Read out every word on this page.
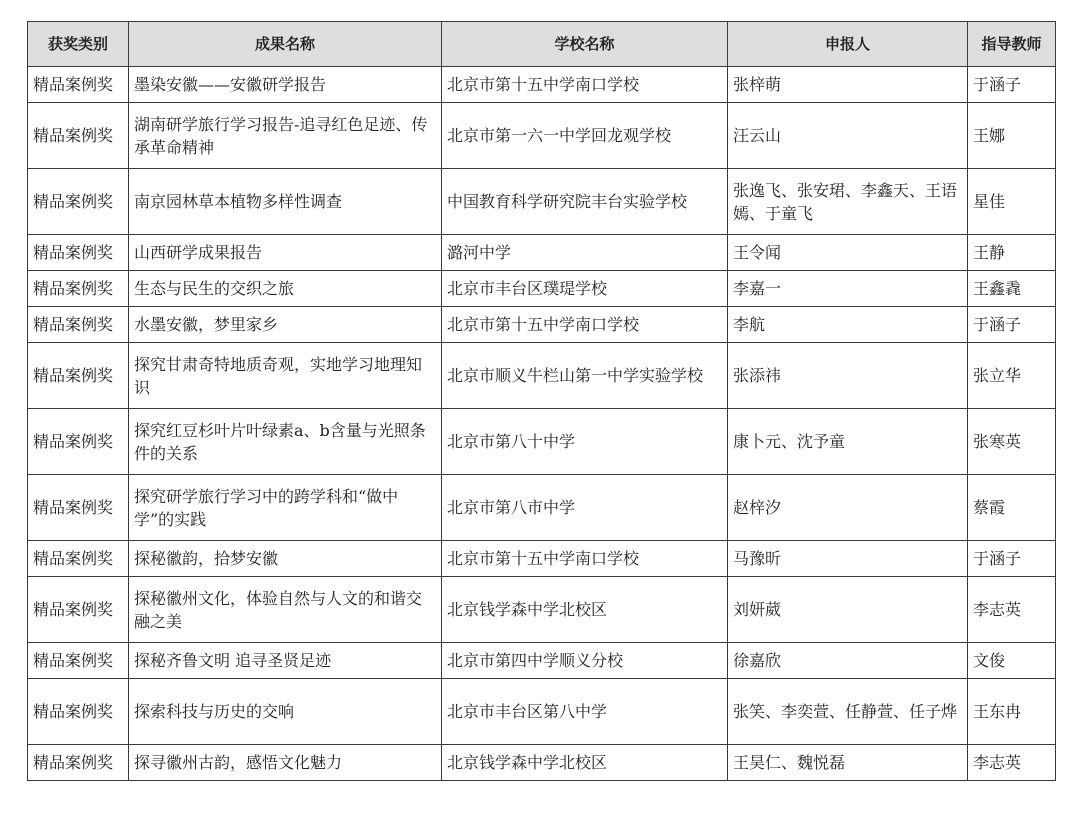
获奖类别	成果名称	学校名称	申报人	指导教师

精品案例奖	墨染安徽——安徽研学报告	北京市第十五中学南口学校	张梓萌	于涵子

精品案例奖	湖南研学旅行学习报告-追寻红色足迹、传承革命精神	北京市第一六一中学回龙观学校	汪云山	王娜

精品案例奖	南京园林草本植物多样性调查	中国教育科学研究院丰台实验学校	张逸飞、张安珺、李鑫天、王语嫣、于童飞	星佳

精品案例奖	山西研学成果报告	潞河中学	王令闻	王静

精品案例奖	生态与民生的交织之旅	北京市丰台区璞瑅学校	李嘉一	王鑫毳

精品案例奖	水墨安徽，梦里家乡	北京市第十五中学南口学校	李航	于涵子

精品案例奖	探究甘肃奇特地质奇观，实地学习地理知识	北京市顺义牛栏山第一中学实验学校	张添祎	张立华

精品案例奖	探究红豆杉叶片叶绿素a、b含量与光照条件的关系	北京市第八十中学	康卜元、沈予童	张寒英

精品案例奖	探究研学旅行学习中的跨学科和“做中学”的实践	北京市第八市中学	赵梓汐	蔡霞

精品案例奖	探秘徽韵，拾梦安徽	北京市第十五中学南口学校	马豫昕	于涵子

精品案例奖	探秘徽州文化，体验自然与人文的和谐交融之美	北京钱学森中学北校区	刘妍葳	李志英

精品案例奖	探秘齐鲁文明 追寻圣贤足迹	北京市第四中学顺义分校	徐嘉欣	文俊

精品案例奖	探索科技与历史的交响	北京市丰台区第八中学	张笑、李奕萱、任静萱、任子烨	王东冉

精品案例奖	探寻徽州古韵，感悟文化魅力	北京钱学森中学北校区	王昊仁、魏悦磊	李志英
